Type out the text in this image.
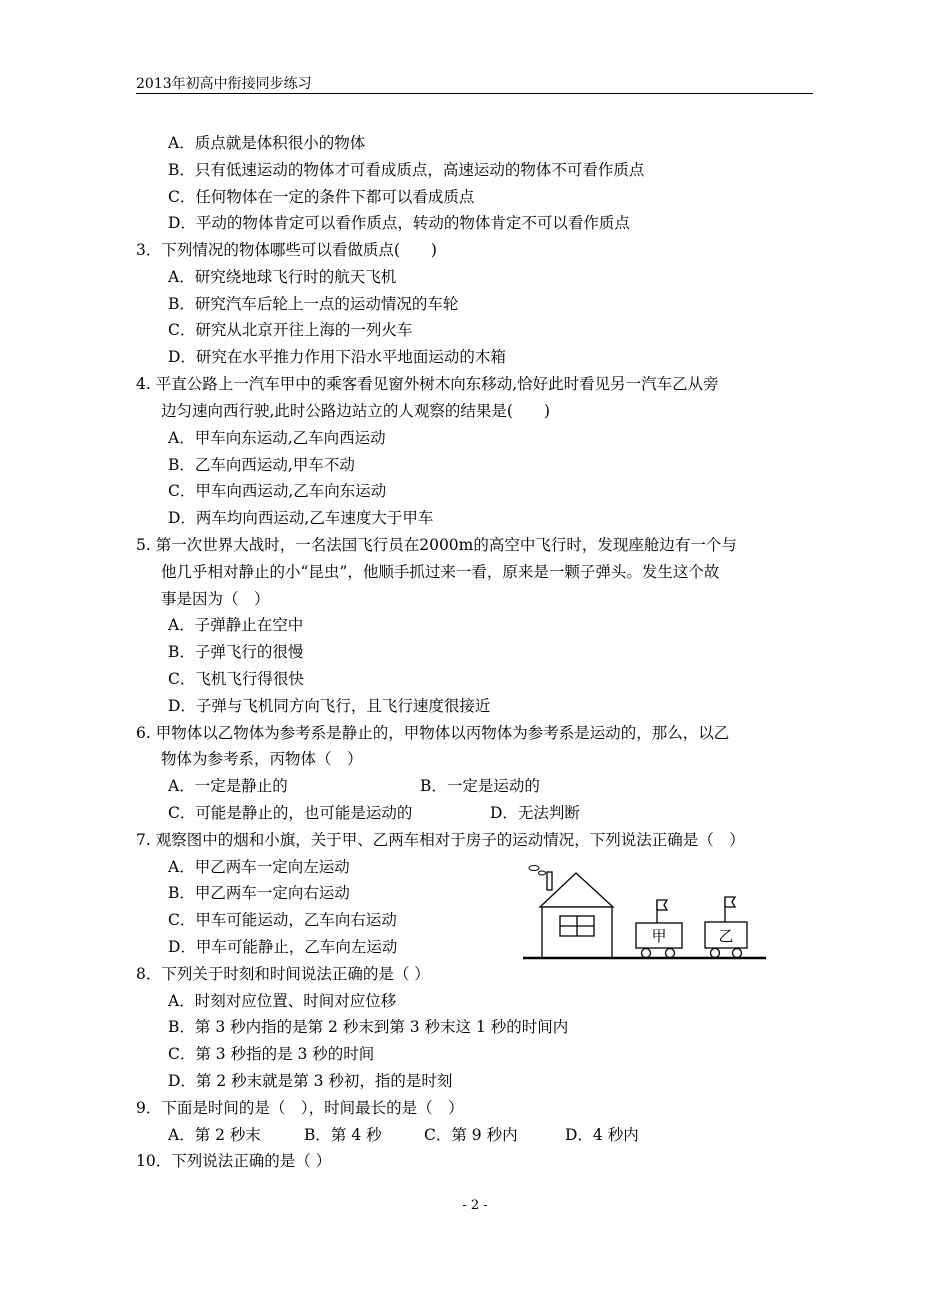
2013年初高中衔接同步练习
A．质点就是体积很小的物体
B．只有低速运动的物体才可看成质点，高速运动的物体不可看作质点
C．任何物体在一定的条件下都可以看成质点
D．平动的物体肯定可以看作质点，转动的物体肯定不可以看作质点
3．下列情况的物体哪些可以看做质点(　　)
A．研究绕地球飞行时的航天飞机
B．研究汽车后轮上一点的运动情况的车轮
C．研究从北京开往上海的一列火车
D．研究在水平推力作用下沿水平地面运动的木箱
4. 平直公路上一汽车甲中的乘客看见窗外树木向东移动,恰好此时看见另一汽车乙从旁
边匀速向西行驶,此时公路边站立的人观察的结果是(　　)
A．甲车向东运动,乙车向西运动
B．乙车向西运动,甲车不动
C．甲车向西运动,乙车向东运动
D．两车均向西运动,乙车速度大于甲车
5. 第一次世界大战时，一名法国飞行员在2000m的高空中飞行时，发现座舱边有一个与
他几乎相对静止的小“昆虫”，他顺手抓过来一看，原来是一颗子弹头。发生这个故
事是因为（　）
A．子弹静止在空中
B．子弹飞行的很慢
C．飞机飞行得很快
D．子弹与飞机同方向飞行，且飞行速度很接近
6. 甲物体以乙物体为参考系是静止的，甲物体以丙物体为参考系是运动的，那么，以乙
物体为参考系，丙物体（　）
A．一定是静止的	B．一定是运动的
C．可能是静止的，也可能是运动的	D．无法判断
7. 观察图中的烟和小旗，关于甲、乙两车相对于房子的运动情况，下列说法正确是（　）
A．甲乙两车一定向左运动
B．甲乙两车一定向右运动
C．甲车可能运动，乙车向右运动
D．甲车可能静止，乙车向左运动
甲	乙
8．下列关于时刻和时间说法正确的是（ ）
A．时刻对应位置、时间对应位移
B．第 3 秒内指的是第 2 秒末到第 3 秒末这 1 秒的时间内
C．第 3 秒指的是 3 秒的时间
D．第 2 秒末就是第 3 秒初，指的是时刻
9．下面是时间的是（　），时间最长的是（　）
A．第 2 秒末	B．第 4 秒	C．第 9 秒内	D．4 秒内
10．下列说法正确的是（ ）
- 2 -
